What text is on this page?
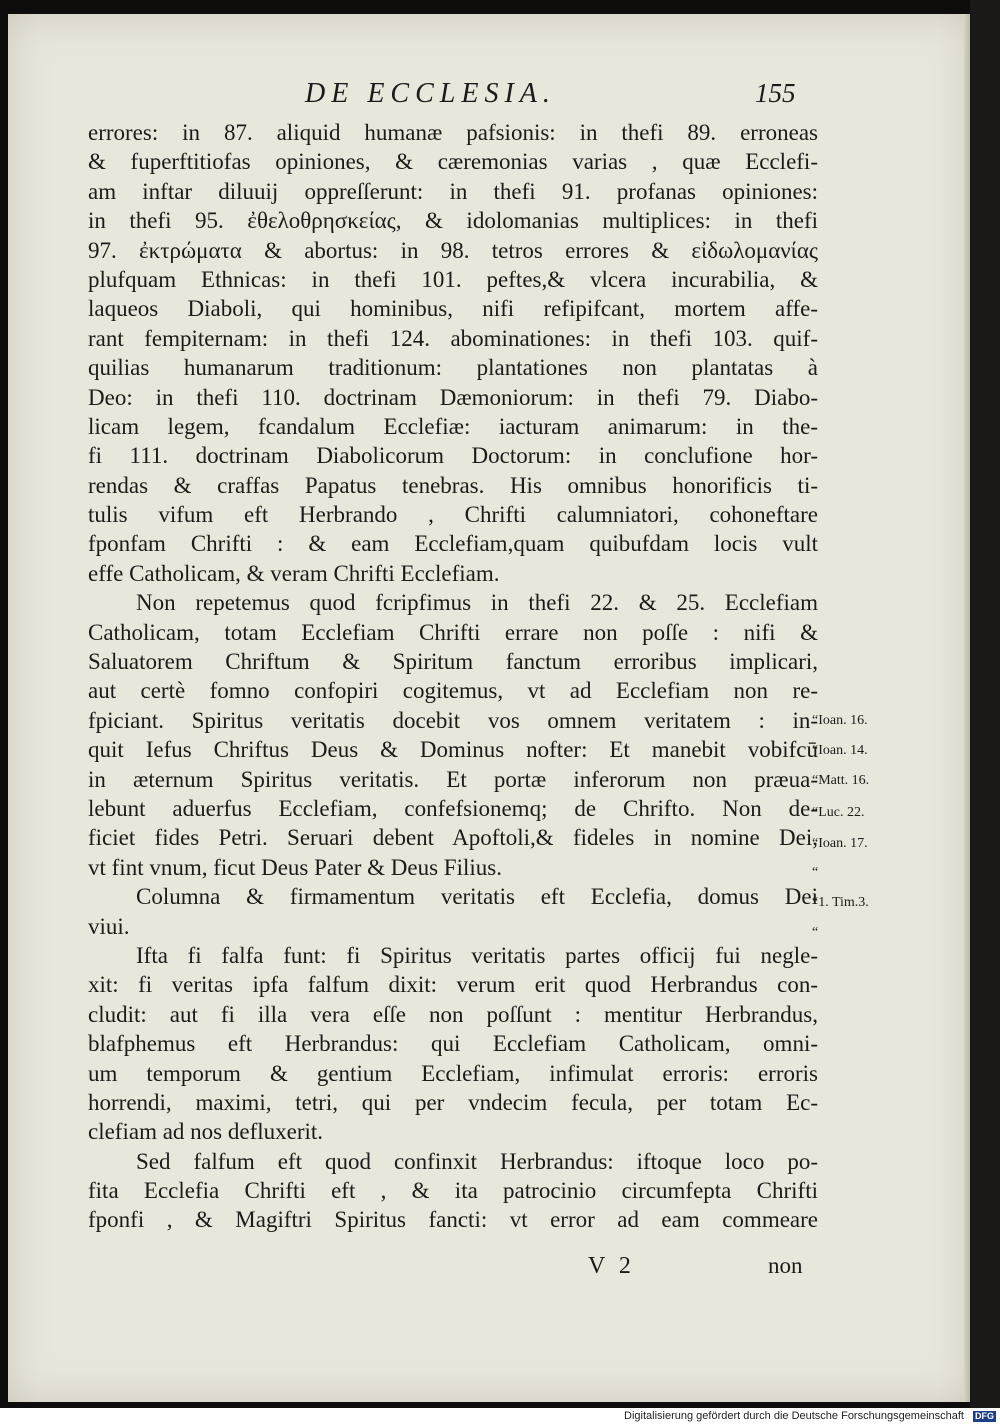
DE ECCLESIA.	155
errores: in 87. aliquid humanæ pafsionis: in thefi 89. erroneas
& fuperftitiofas opiniones, & cæremonias varias , quæ Ecclefi-
am inftar diluuij oppreſſerunt: in thefi 91. profanas opiniones:
in thefi 95. ἐθελοθρησκείας, & idolomanias multiplices: in thefi
97. ἐκτρώματα & abortus: in 98. tetros errores & εἰδωλομανίας
plufquam Ethnicas: in thefi 101. peftes,& vlcera incurabilia, &
laqueos Diaboli, qui hominibus, nifi refipifcant, mortem affe-
rant fempiternam: in thefi 124. abominationes: in thefi 103. quif-
quilias humanarum traditionum: plantationes non plantatas à
Deo: in thefi 110. doctrinam Dæmoniorum: in thefi 79. Diabo-
licam legem, fcandalum Ecclefiæ: iacturam animarum: in the-
fi 111. doctrinam Diabolicorum Doctorum: in conclufione hor-
rendas & craffas Papatus tenebras. His omnibus honorificis ti-
tulis vifum eft Herbrando , Chrifti calumniatori, cohoneftare
fponfam Chrifti : & eam Ecclefiam,quam quibufdam locis vult
effe Catholicam, & veram Chrifti Ecclefiam.
Non repetemus quod fcripfimus in thefi 22. & 25. Ecclefiam
Catholicam, totam Ecclefiam Chrifti errare non poſſe : nifi &
Saluatorem Chriftum & Spiritum fanctum erroribus implicari,
aut certè fomno confopiri cogitemus, vt ad Ecclefiam non re-
fpiciant. Spiritus veritatis docebit vos omnem veritatem : in-
quit Iefus Chriftus Deus & Dominus nofter: Et manebit vobifcū
in æternum Spiritus veritatis. Et portæ inferorum non præua-
lebunt aduerfus Ecclefiam, confefsionemq; de Chrifto. Non de-
ficiet fides Petri. Seruari debent Apoftoli,& fideles in nomine Dei,
vt fint vnum, ficut Deus Pater & Deus Filius.
Columna & firmamentum veritatis eft Ecclefia, domus Dei
viui.
Ifta fi falfa funt: fi Spiritus veritatis partes officij fui negle-
xit: fi veritas ipfa falfum dixit: verum erit quod Herbrandus con-
cludit: aut fi illa vera eſſe non poſſunt : mentitur Herbrandus,
blafphemus eft Herbrandus: qui Ecclefiam Catholicam, omni-
um temporum & gentium Ecclefiam, infimulat erroris: erroris
horrendi, maximi, tetri, qui per vndecim fecula, per totam Ec-
clefiam ad nos defluxerit.
Sed falfum eft quod confinxit Herbrandus: iftoque loco po-
fita Ecclefia Chrifti eft , & ita patrocinio circumfepta Chrifti
fponfi , & Magiftri Spiritus fancti: vt error ad eam commeare
“Ioan. 16.
“Ioan. 14.
“Matt. 16.
“Luc. 22.
“Ioan. 17.
“
“1. Tim.3.
“
V 2	non
Digitalisierung gefördert durch die Deutsche Forschungsgemeinschaft DFG
